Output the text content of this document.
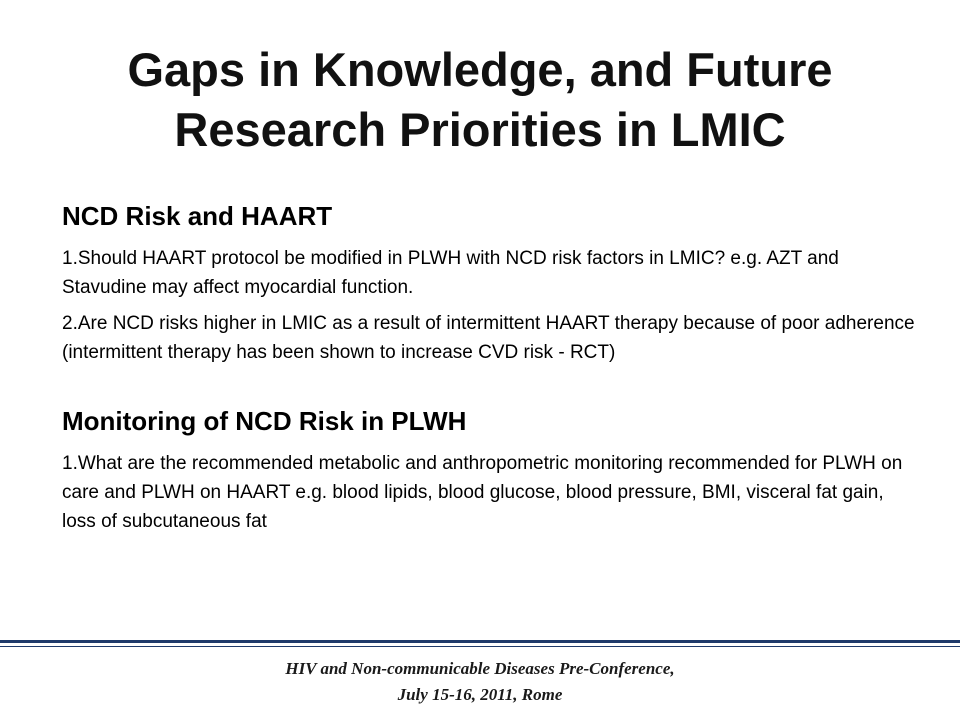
Gaps in Knowledge, and Future
Research Priorities in LMIC
NCD Risk and HAART

1.Should HAART protocol be modified in PLWH with NCD risk factors in LMIC? e.g. AZT and Stavudine may affect myocardial function.

2.Are NCD risks higher in LMIC as a result of intermittent HAART therapy because of poor adherence (intermittent therapy has been shown to increase CVD risk - RCT)

Monitoring of NCD Risk in PLWH

1.What are the recommended metabolic and anthropometric monitoring recommended for PLWH on care and PLWH on HAART e.g. blood lipids, blood glucose, blood pressure, BMI, visceral fat gain, loss of subcutaneous fat

HIV and Non-communicable Diseases Pre-Conference,
July 15-16, 2011, Rome
